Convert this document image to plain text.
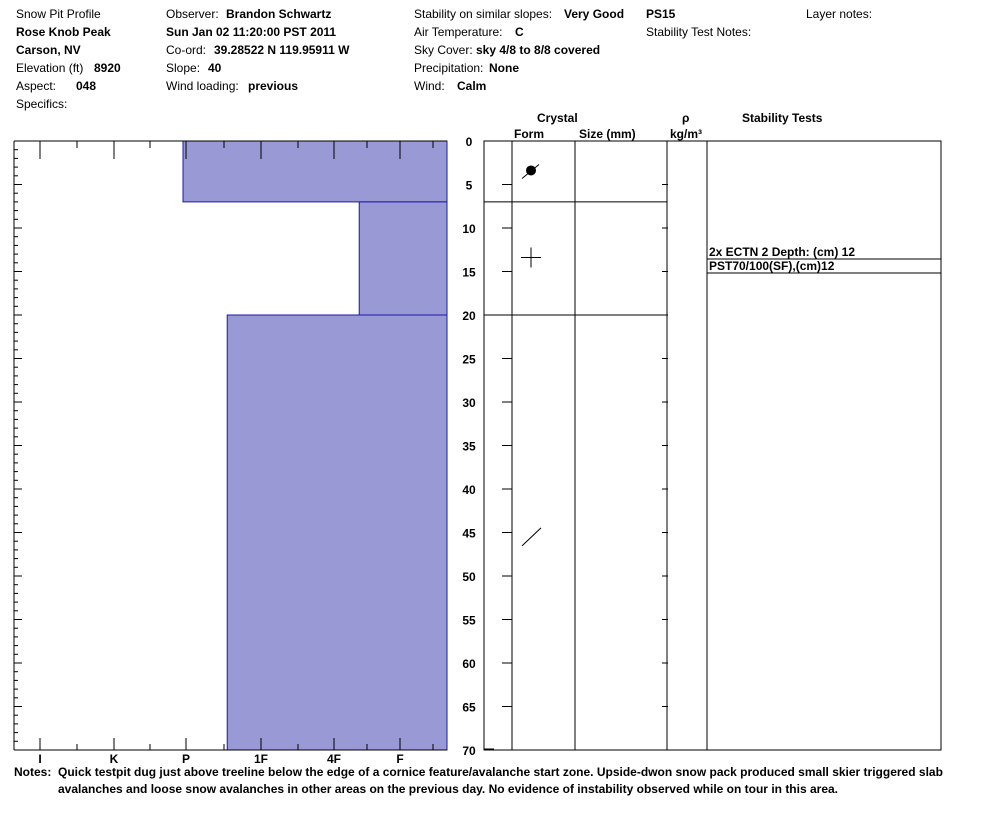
Snow Pit Profile
Rose Knob Peak
Carson, NV
Elevation (ft) 8920
Aspect: 048
Specifics:
Observer: Brandon Schwartz
Sun Jan 02 11:20:00 PST 2011
Co-ord: 39.28522 N 119.95911 W
Slope: 40
Wind loading: previous
Stability on similar slopes: Very Good PS15
Air Temperature: C
Sky Cover: sky 4/8 to 8/8 covered
Precipitation: None
Wind: Calm
Stability Test Notes:
Layer notes:
Crystal
Form	Size (mm)
ρ
kg/m³
Stability Tests
I	K	P	1F	4F	F
0
5
10
15
20
25
30
35
40
45
50
55
60
65
70
2x ECTN 2 Depth: (cm) 12
PST70/100(SF),(cm)12
Notes: Quick testpit dug just above treeline below the edge of a cornice feature/avalanche start zone. Upside-dwon snow pack produced small skier triggered slab
avalanches and loose snow avalanches in other areas on the previous day. No evidence of instability observed while on tour in this area.
